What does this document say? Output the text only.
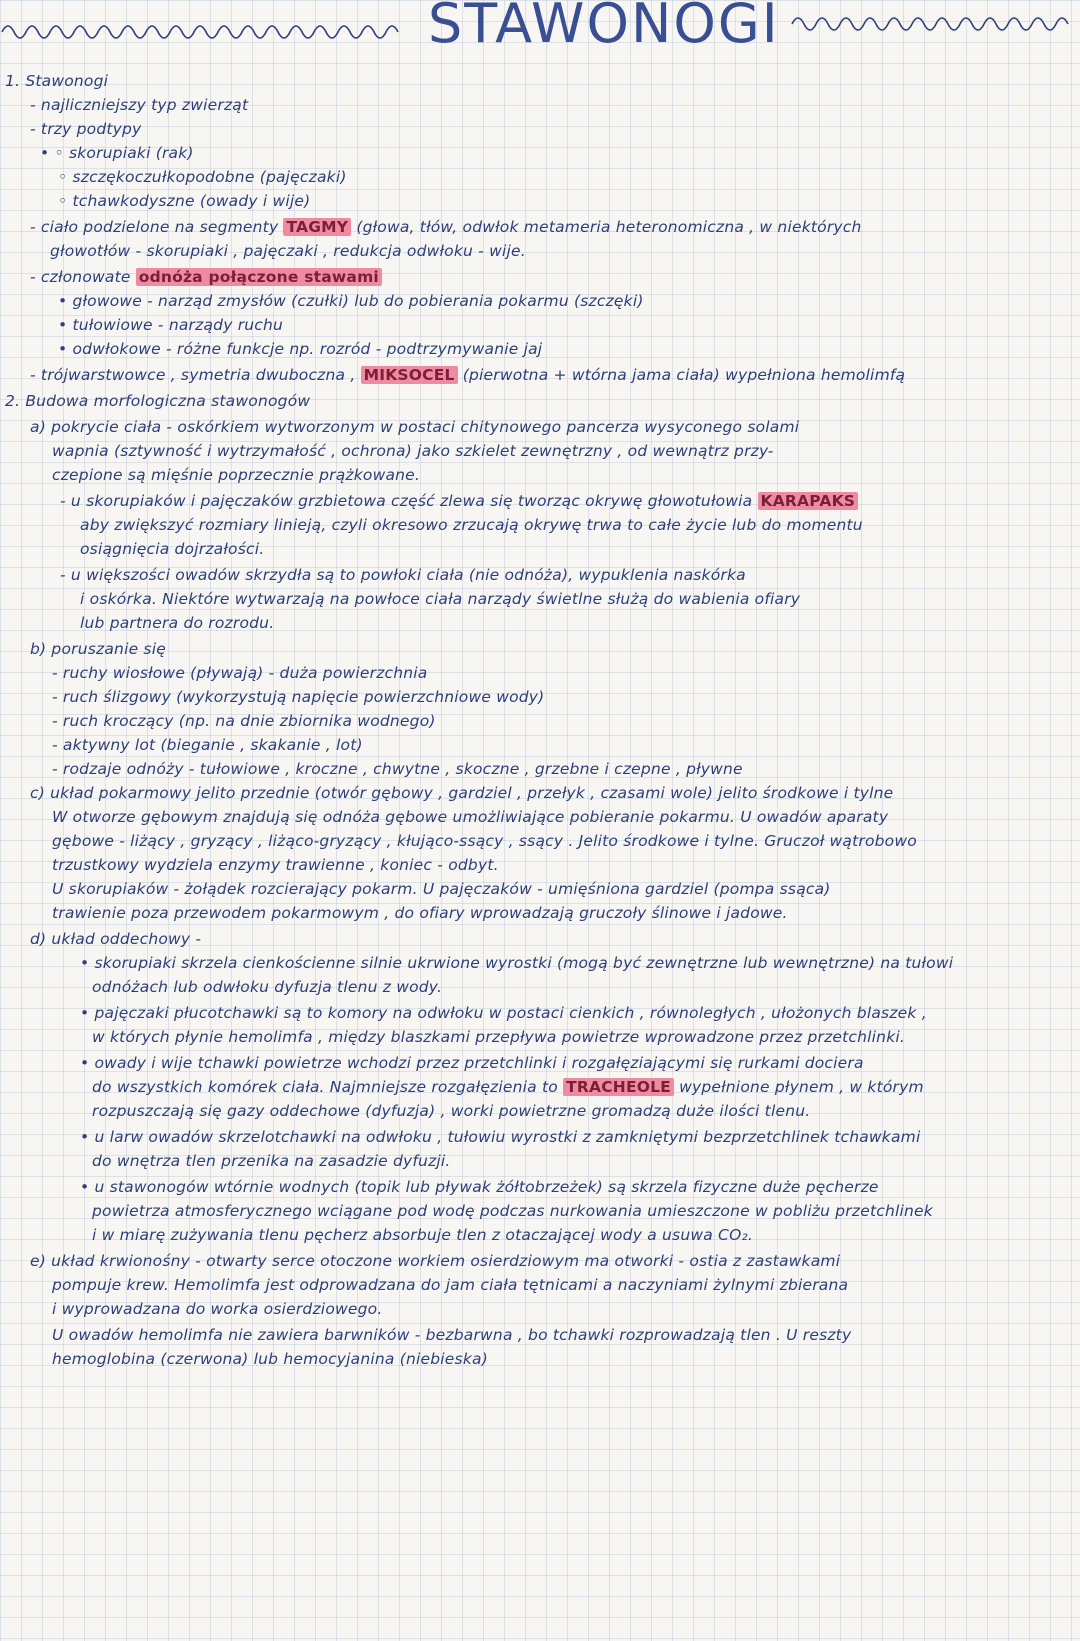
STAWONOGI
1. Stawonogi
- najliczniejszy typ zwierząt
- trzy podtypy
• ◦ skorupiaki (rak)
◦ szczękoczułkopodobne (pajęczaki)
◦ tchawkodyszne (owady i wije)
- ciało podzielone na segmenty TAGMY (głowa, tłów, odwłok metameria heteronomiczna , w niektórych
głowotłów - skorupiaki , pajęczaki , redukcja odwłoku - wije.
- członowate odnóża połączone stawami
• głowowe - narząd zmysłów (czułki) lub do pobierania pokarmu (szczęki)
• tułowiowe - narządy ruchu
• odwłokowe - różne funkcje np. rozród - podtrzymywanie jaj
- trójwarstwowce , symetria dwuboczna , MIKSOCEL (pierwotna + wtórna jama ciała) wypełniona hemolimfą
2. Budowa morfologiczna stawonogów
a) pokrycie ciała - oskórkiem wytworzonym w postaci chitynowego pancerza wysyconego solami
wapnia (sztywność i wytrzymałość , ochrona) jako szkielet zewnętrzny , od wewnątrz przy-
czepione są mięśnie poprzecznie prążkowane.
- u skorupiaków i pajęczaków grzbietowa część zlewa się tworząc okrywę głowotułowia KARAPAKS
aby zwiększyć rozmiary linieją, czyli okresowo zrzucają okrywę trwa to całe życie lub do momentu
osiągnięcia dojrzałości.
- u większości owadów skrzydła są to powłoki ciała (nie odnóża), wypuklenia naskórka
i oskórka. Niektóre wytwarzają na powłoce ciała narządy świetlne służą do wabienia ofiary
lub partnera do rozrodu.
b) poruszanie się
- ruchy wiosłowe (pływają) - duża powierzchnia
- ruch ślizgowy (wykorzystują napięcie powierzchniowe wody)
- ruch kroczący (np. na dnie zbiornika wodnego)
- aktywny lot (bieganie , skakanie , lot)
- rodzaje odnóży - tułowiowe , kroczne , chwytne , skoczne , grzebne i czepne , pływne
c) układ pokarmowy jelito przednie (otwór gębowy , gardziel , przełyk , czasami wole) jelito środkowe i tylne
W otworze gębowym znajdują się odnóża gębowe umożliwiające pobieranie pokarmu. U owadów aparaty
gębowe - liżący , gryzący , liżąco-gryzący , kłująco-ssący , ssący . Jelito środkowe i tylne. Gruczoł wątrobowo
trzustkowy wydziela enzymy trawienne , koniec - odbyt.
U skorupiaków - żołądek rozcierający pokarm. U pajęczaków - umięśniona gardziel (pompa ssąca)
trawienie poza przewodem pokarmowym , do ofiary wprowadzają gruczoły ślinowe i jadowe.
d) układ oddechowy -
• skorupiaki skrzela cienkościenne silnie ukrwione wyrostki (mogą być zewnętrzne lub wewnętrzne) na tułowi
odnóżach lub odwłoku dyfuzja tlenu z wody.
• pajęczaki płucotchawki są to komory na odwłoku w postaci cienkich , równoległych , ułożonych blaszek ,
w których płynie hemolimfa , między blaszkami przepływa powietrze wprowadzone przez przetchlinki.
• owady i wije tchawki powietrze wchodzi przez przetchlinki i rozgałęziającymi się rurkami dociera
do wszystkich komórek ciała. Najmniejsze rozgałęzienia to TRACHEOLE wypełnione płynem , w którym
rozpuszczają się gazy oddechowe (dyfuzja) , worki powietrzne gromadzą duże ilości tlenu.
• u larw owadów skrzelotchawki na odwłoku , tułowiu wyrostki z zamkniętymi bezprzetchlinek tchawkami
do wnętrza tlen przenika na zasadzie dyfuzji.
• u stawonogów wtórnie wodnych (topik lub pływak żółtobrzeżek) są skrzela fizyczne duże pęcherze
powietrza atmosferycznego wciągane pod wodę podczas nurkowania umieszczone w pobliżu przetchlinek
i w miarę zużywania tlenu pęcherz absorbuje tlen z otaczającej wody a usuwa CO₂.
e) układ krwionośny - otwarty serce otoczone workiem osierdziowym ma otworki - ostia z zastawkami
pompuje krew. Hemolimfa jest odprowadzana do jam ciała tętnicami a naczyniami żylnymi zbierana
i wyprowadzana do worka osierdziowego.
U owadów hemolimfa nie zawiera barwników - bezbarwna , bo tchawki rozprowadzają tlen . U reszty
hemoglobina (czerwona) lub hemocyjanina (niebieska)
